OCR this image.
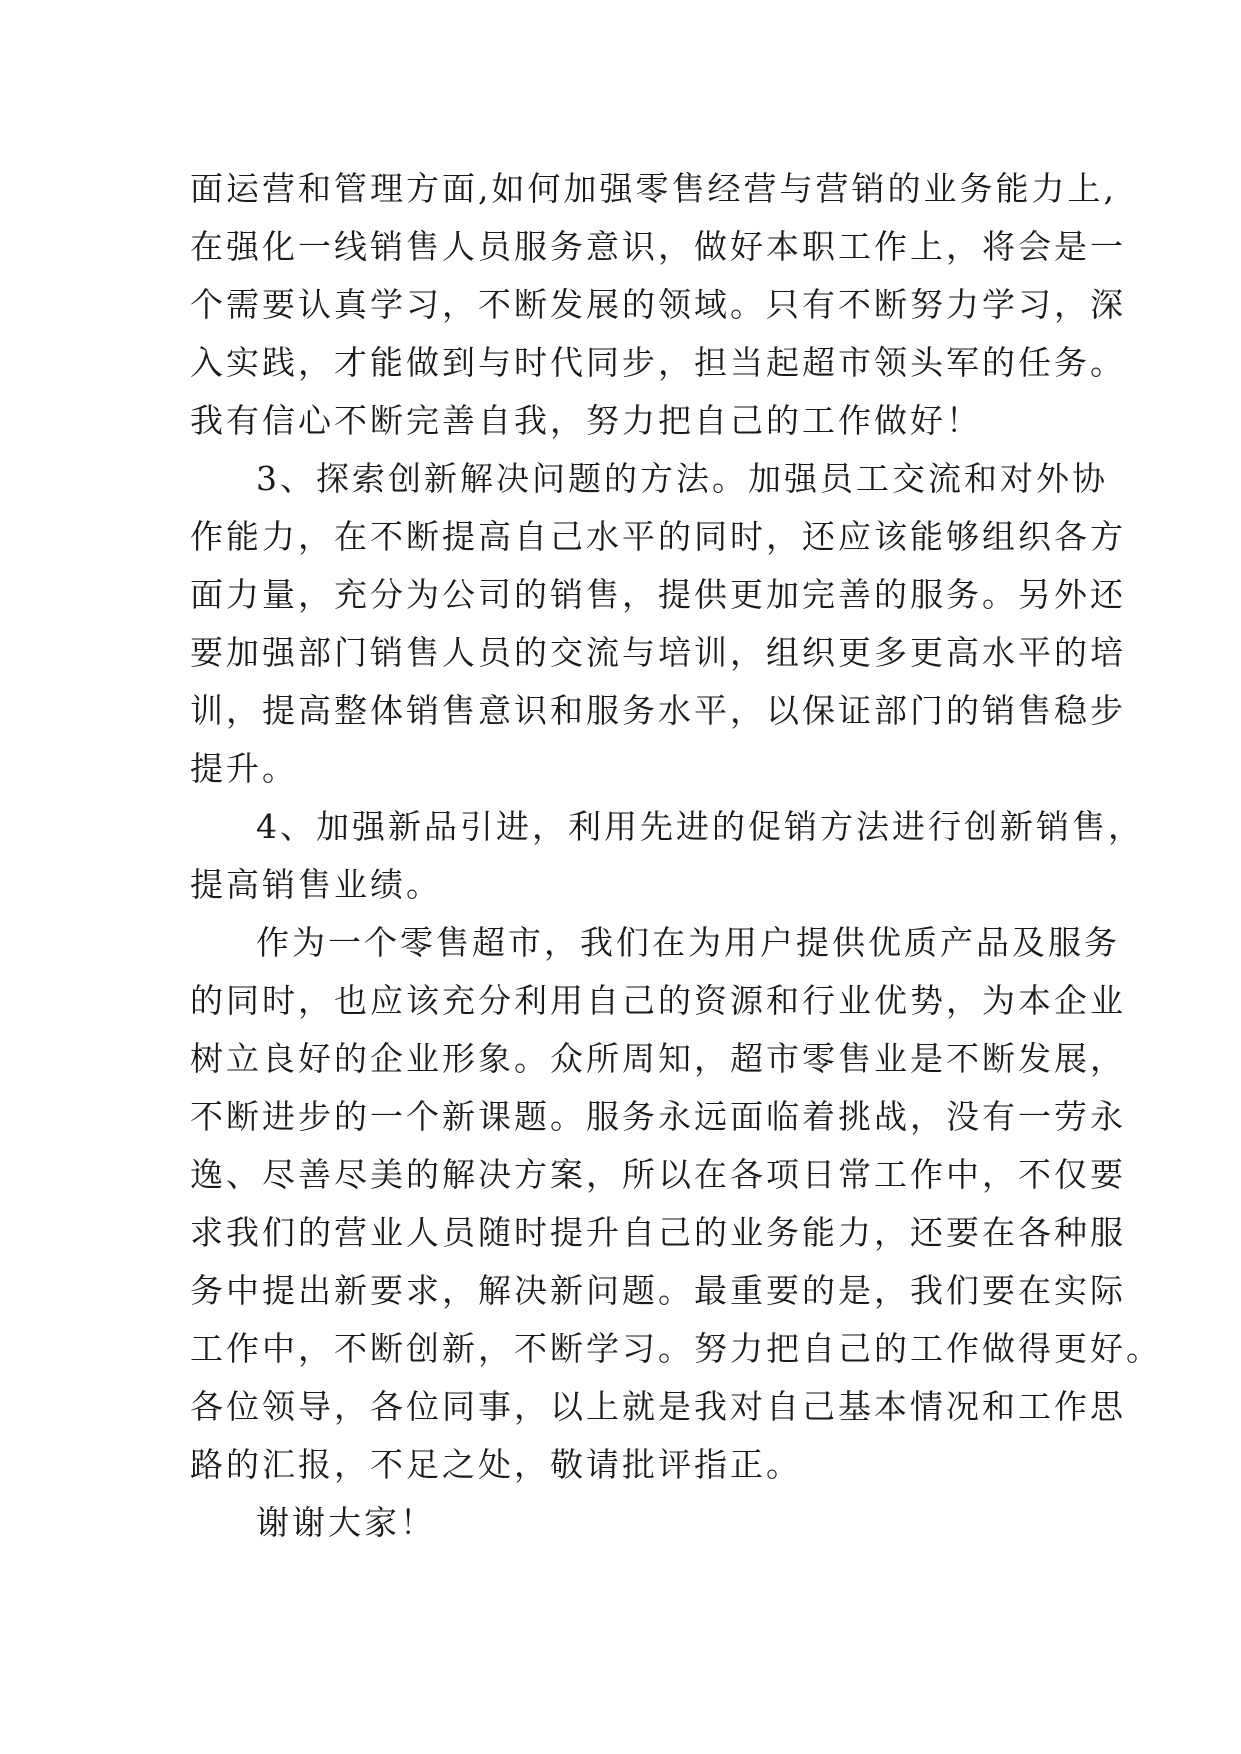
面运营和管理方面,如何加强零售经营与营销的业务能力上,
在强化一线销售人员服务意识，做好本职工作上，将会是一
个需要认真学习，不断发展的领域。只有不断努力学习，深
入实践，才能做到与时代同步，担当起超市领头军的任务。
我有信心不断完善自我，努力把自己的工作做好！
3、探索创新解决问题的方法。加强员工交流和对外协
作能力，在不断提高自己水平的同时，还应该能够组织各方
面力量，充分为公司的销售，提供更加完善的服务。另外还
要加强部门销售人员的交流与培训，组织更多更高水平的培
训，提高整体销售意识和服务水平，以保证部门的销售稳步
提升。
4、加强新品引进，利用先进的促销方法进行创新销售，
提高销售业绩。
作为一个零售超市，我们在为用户提供优质产品及服务
的同时，也应该充分利用自己的资源和行业优势，为本企业
树立良好的企业形象。众所周知，超市零售业是不断发展，
不断进步的一个新课题。服务永远面临着挑战，没有一劳永
逸、尽善尽美的解决方案，所以在各项日常工作中，不仅要
求我们的营业人员随时提升自己的业务能力，还要在各种服
务中提出新要求，解决新问题。最重要的是，我们要在实际
工作中，不断创新，不断学习。努力把自己的工作做得更好。
各位领导，各位同事，以上就是我对自己基本情况和工作思
路的汇报，不足之处，敬请批评指正。
谢谢大家！
